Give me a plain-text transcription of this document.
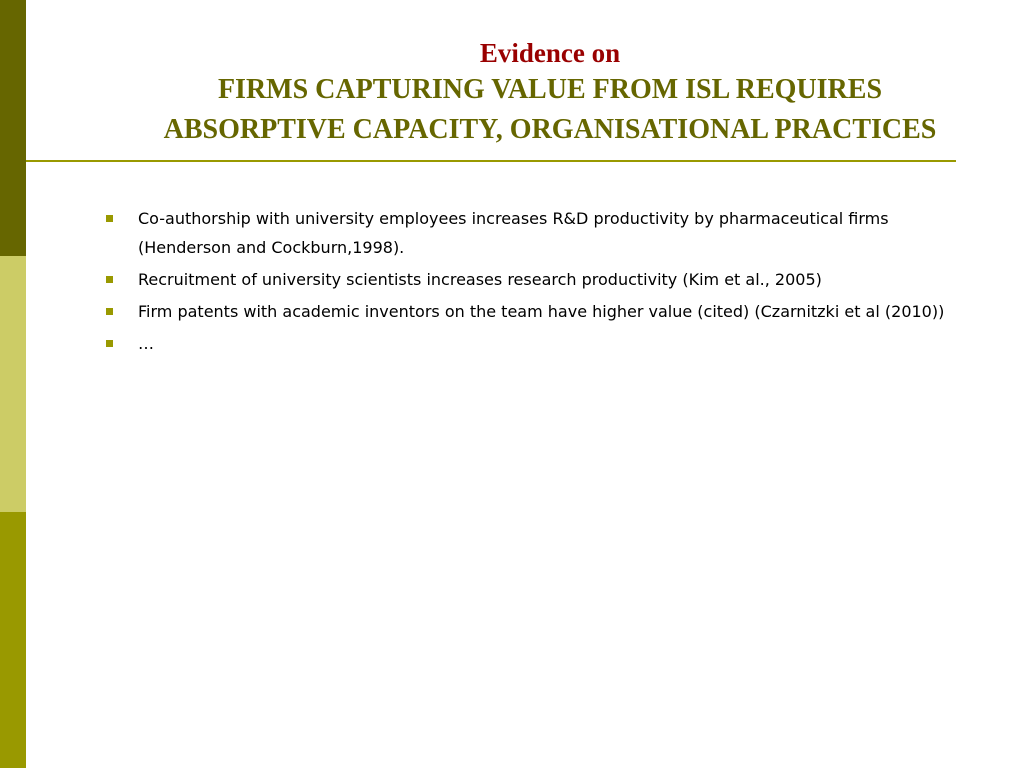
Evidence on
FIRMS CAPTURING VALUE FROM ISL REQUIRES
ABSORPTIVE CAPACITY, ORGANISATIONAL PRACTICES
Co-authorship with university employees increases R&D productivity by pharmaceutical firms (Henderson and Cockburn,1998).
Recruitment of university scientists increases research productivity (Kim et al., 2005)
Firm patents with academic inventors on the team have higher value (cited) (Czarnitzki et al (2010))
…
